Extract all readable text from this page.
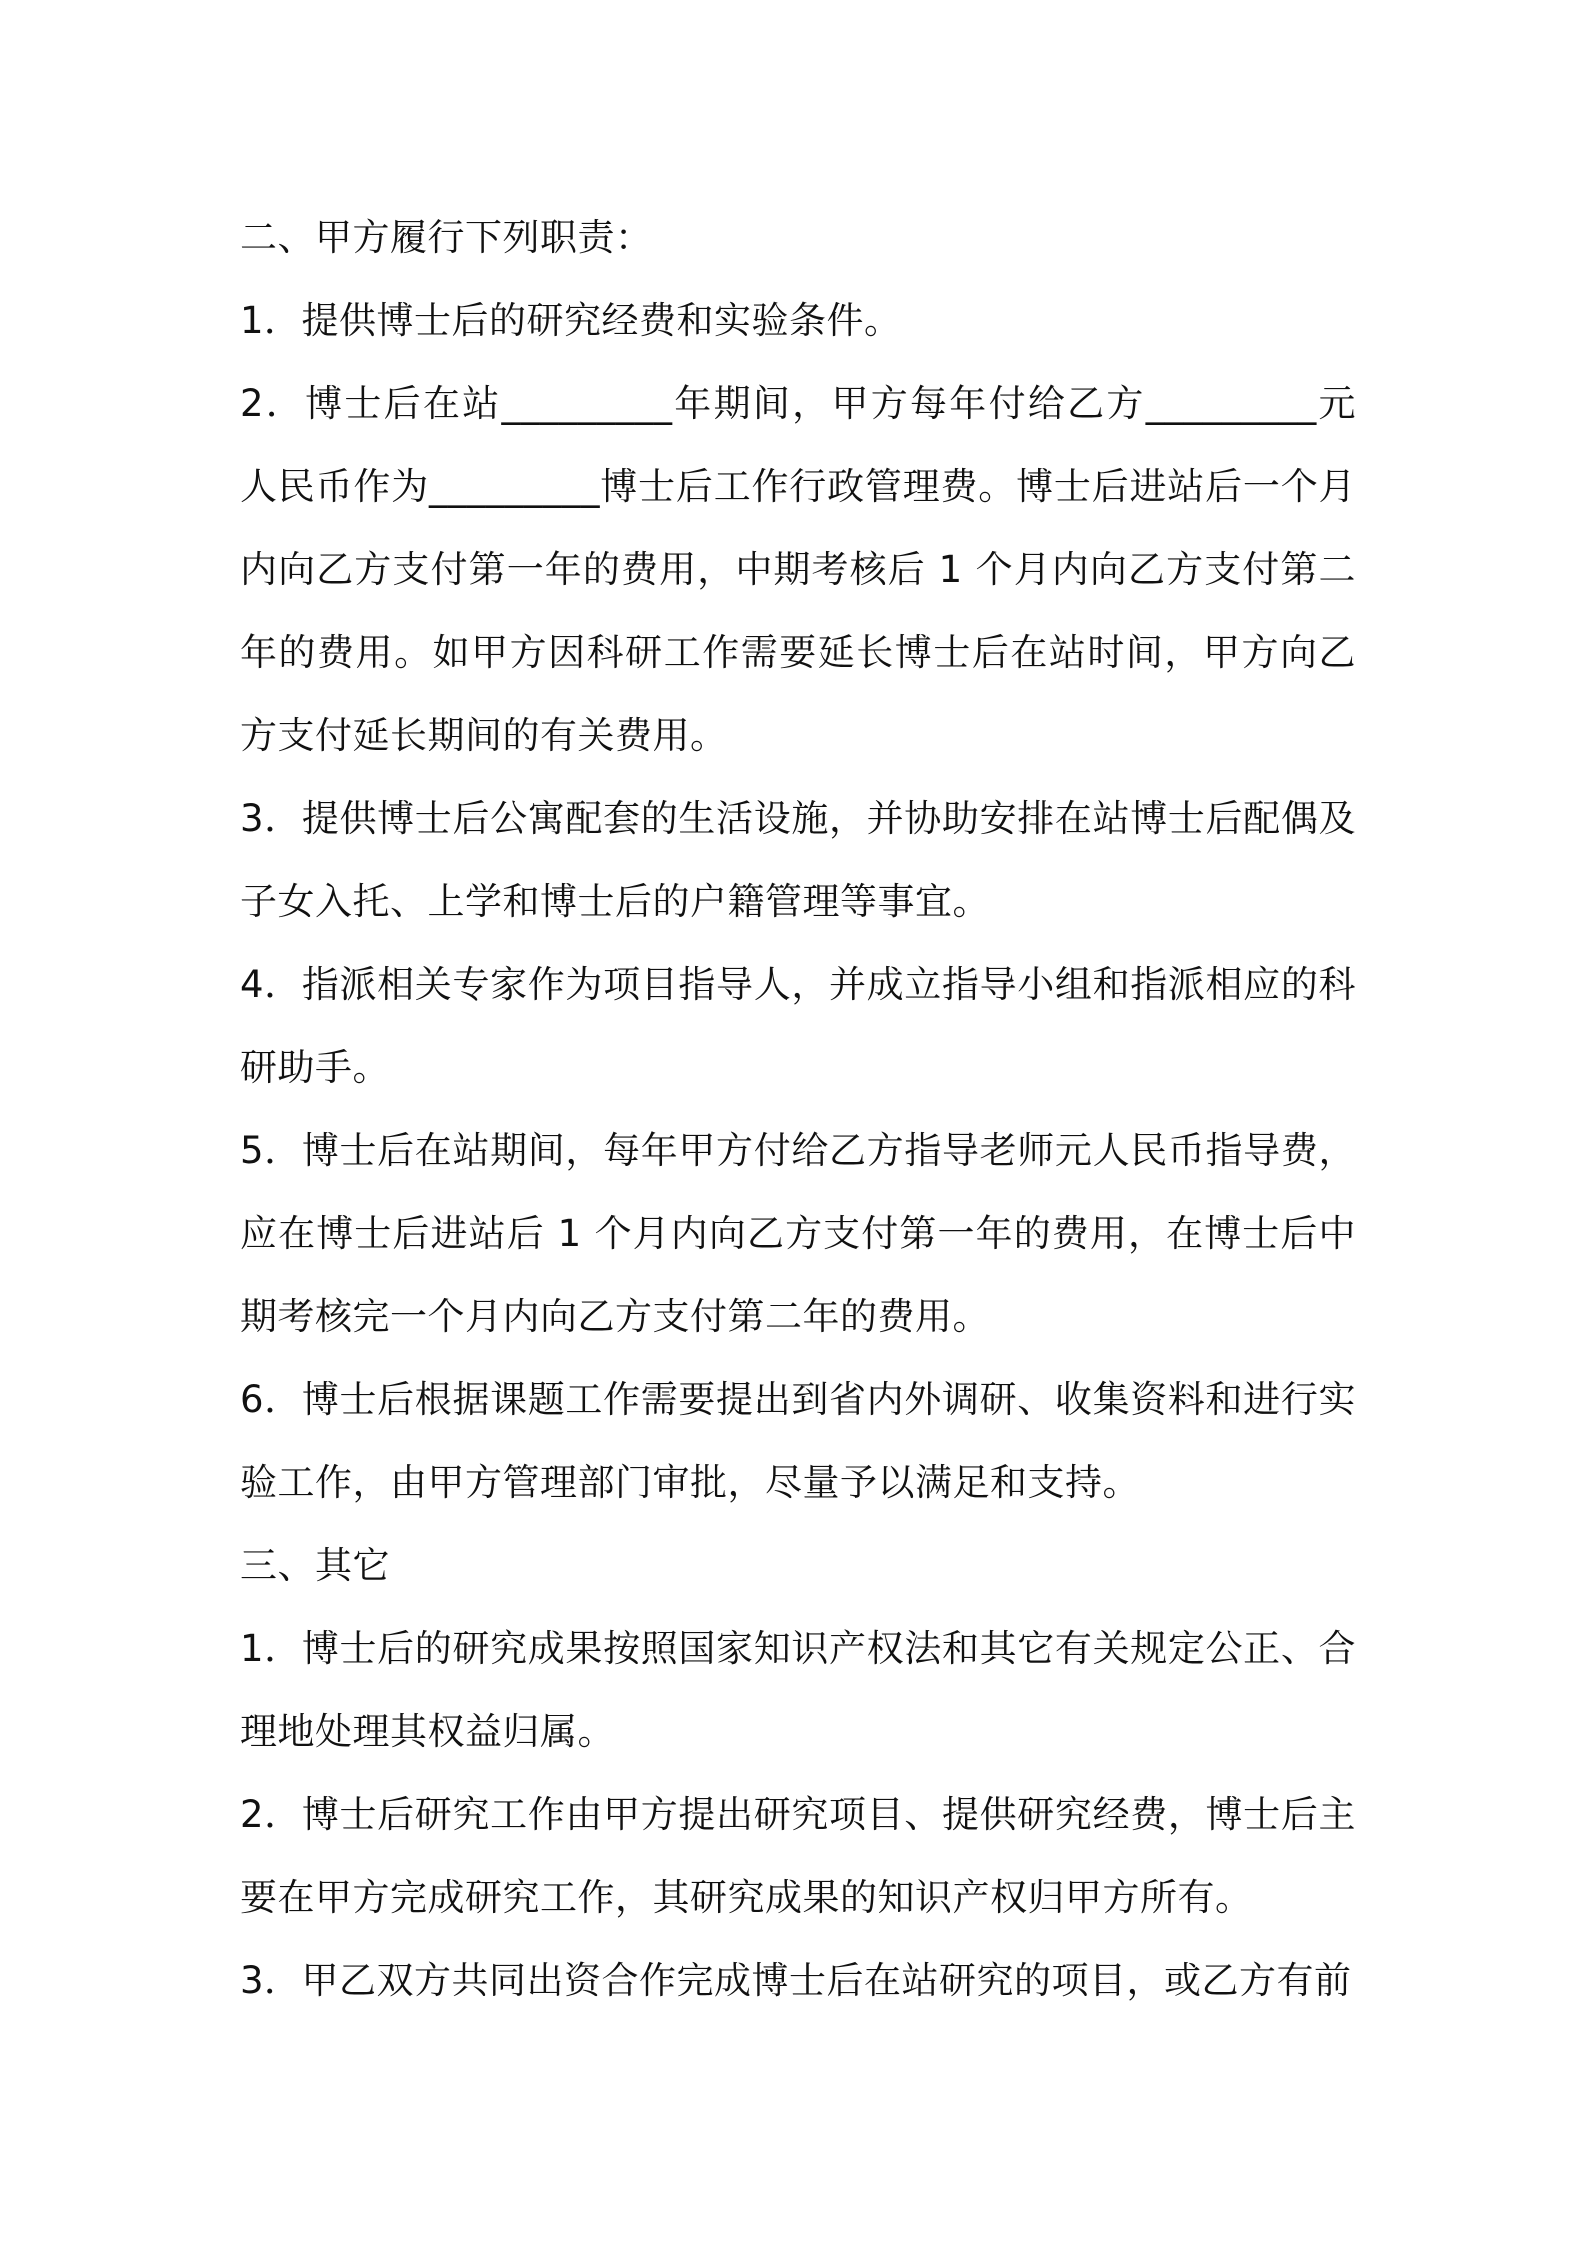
二、甲方履行下列职责：

1．提供博士后的研究经费和实验条件。

2．博士后在站_________年期间，甲方每年付给乙方_________元人民币作为_________博士后工作行政管理费。博士后进站后一个月内向乙方支付第一年的费用，中期考核后 1 个月内向乙方支付第二年的费用。如甲方因科研工作需要延长博士后在站时间，甲方向乙方支付延长期间的有关费用。

3．提供博士后公寓配套的生活设施，并协助安排在站博士后配偶及子女入托、上学和博士后的户籍管理等事宜。

4．指派相关专家作为项目指导人，并成立指导小组和指派相应的科研助手。

5．博士后在站期间，每年甲方付给乙方指导老师元人民币指导费，应在博士后进站后 1 个月内向乙方支付第一年的费用，在博士后中期考核完一个月内向乙方支付第二年的费用。

6．博士后根据课题工作需要提出到省内外调研、收集资料和进行实验工作，由甲方管理部门审批，尽量予以满足和支持。

三、其它

1．博士后的研究成果按照国家知识产权法和其它有关规定公正、合理地处理其权益归属。

2．博士后研究工作由甲方提出研究项目、提供研究经费，博士后主要在甲方完成研究工作，其研究成果的知识产权归甲方所有。

3．甲乙双方共同出资合作完成博士后在站研究的项目，或乙方有前
